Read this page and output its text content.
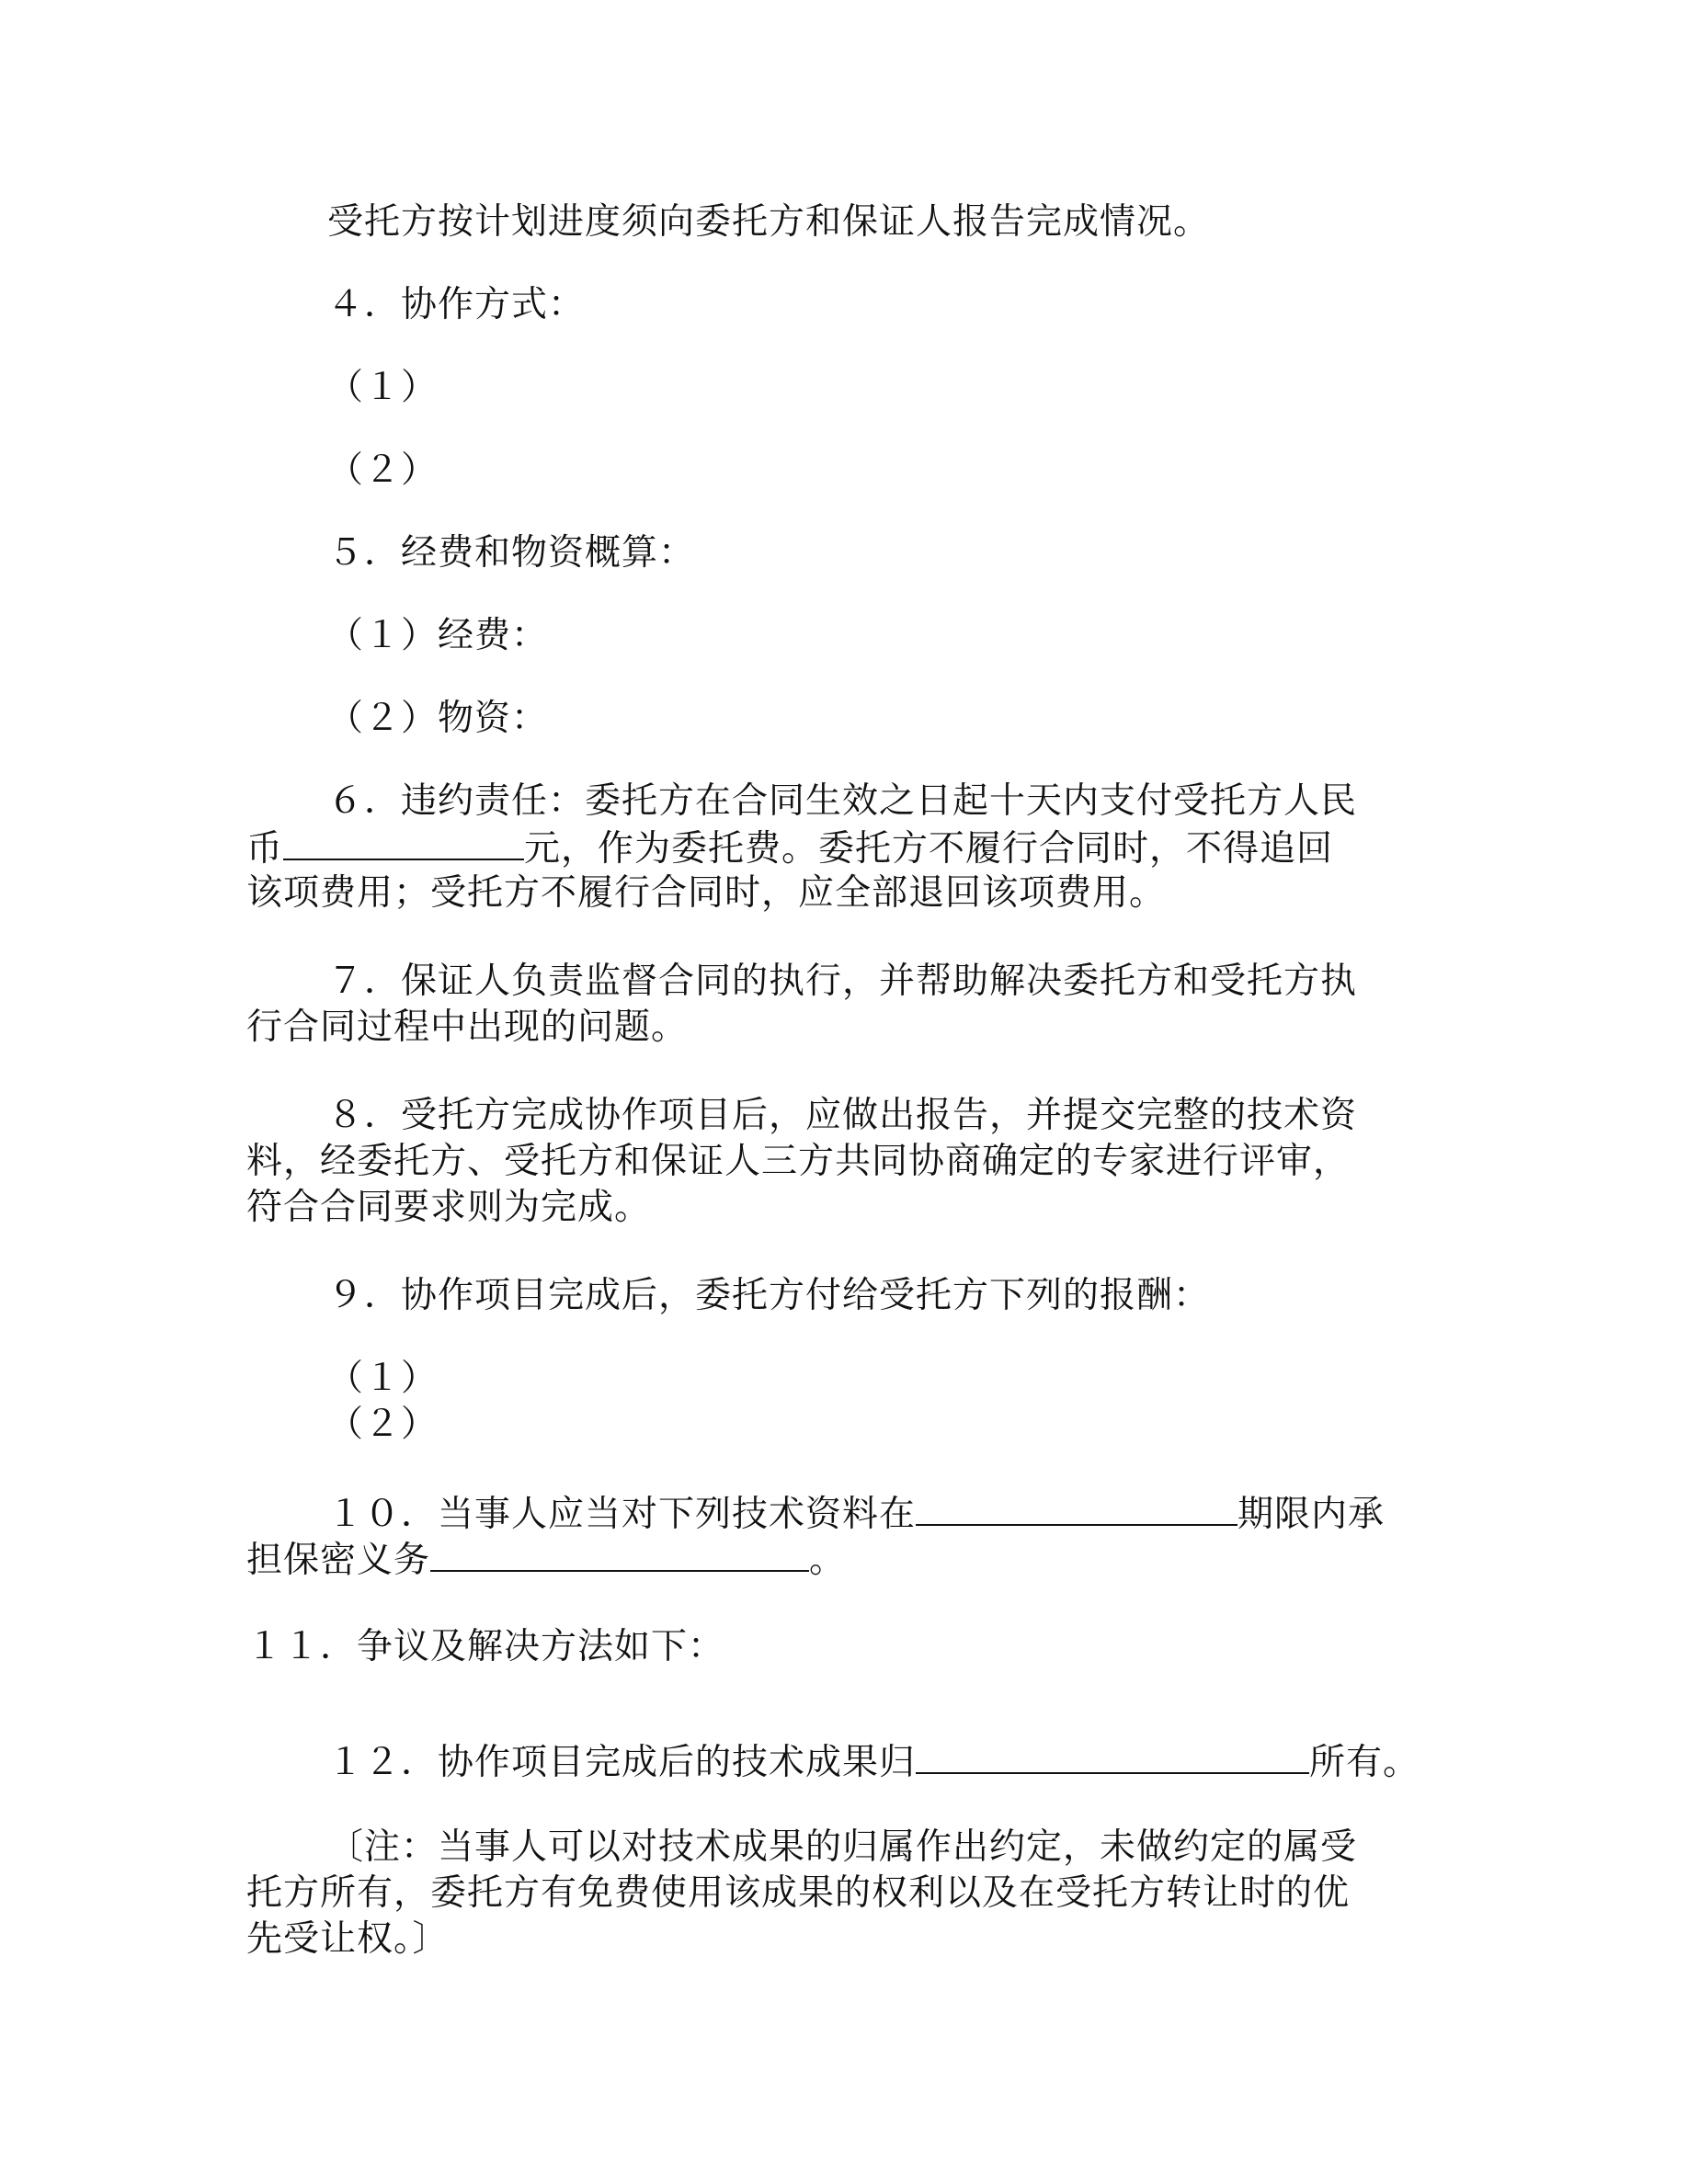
受托方按计划进度须向委托方和保证人报告完成情况。
４．协作方式：
（１）
（２）
５．经费和物资概算：
（１）经费：
（２）物资：
６．违约责任：委托方在合同生效之日起十天内支付受托方人民
币	元，作为委托费。委托方不履行合同时，不得追回
该项费用；受托方不履行合同时，应全部退回该项费用。
７．保证人负责监督合同的执行，并帮助解决委托方和受托方执
行合同过程中出现的问题。
８．受托方完成协作项目后，应做出报告，并提交完整的技术资
料，经委托方、受托方和保证人三方共同协商确定的专家进行评审，
符合合同要求则为完成。
９．协作项目完成后，委托方付给受托方下列的报酬：
（１）
（２）
１０．当事人应当对下列技术资料在	期限内承
担保密义务	。
１１．争议及解决方法如下：
１２．协作项目完成后的技术成果归	所有。
〔注：当事人可以对技术成果的归属作出约定，未做约定的属受
托方所有，委托方有免费使用该成果的权利以及在受托方转让时的优
先受让权。〕
